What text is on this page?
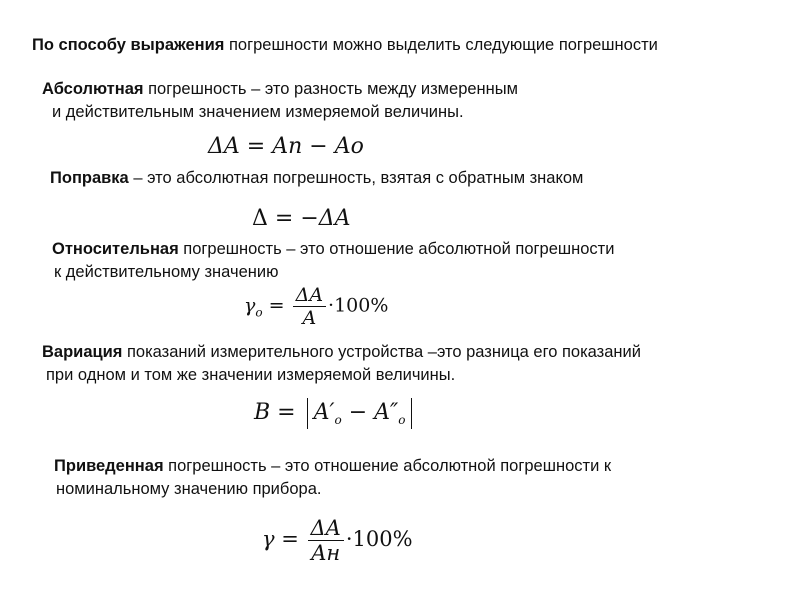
По способу выражения погрешности можно выделить следующие погрешности
Абсолютная погрешность – это разность между измеренным
и действительным значением измеряемой величины.
ΔA = An − Ao
Поправка – это абсолютная погрешность, взятая с обратным знаком
Δ = −ΔA
Относительная погрешность – это отношение абсолютной погрешности
к действительному значению
$\gamma_o = \frac{\Delta A}{A} \cdot 100\%$
Вариация показаний измерительного устройства –это разница его показаний
при одном и том же значении измеряемой величины.
$B = A'_o - A''_o$
Приведенная погрешность – это отношение абсолютной погрешности к
номинальному значению прибора.
$\gamma = \frac{\Delta A}{Aн} \cdot 100\%$
